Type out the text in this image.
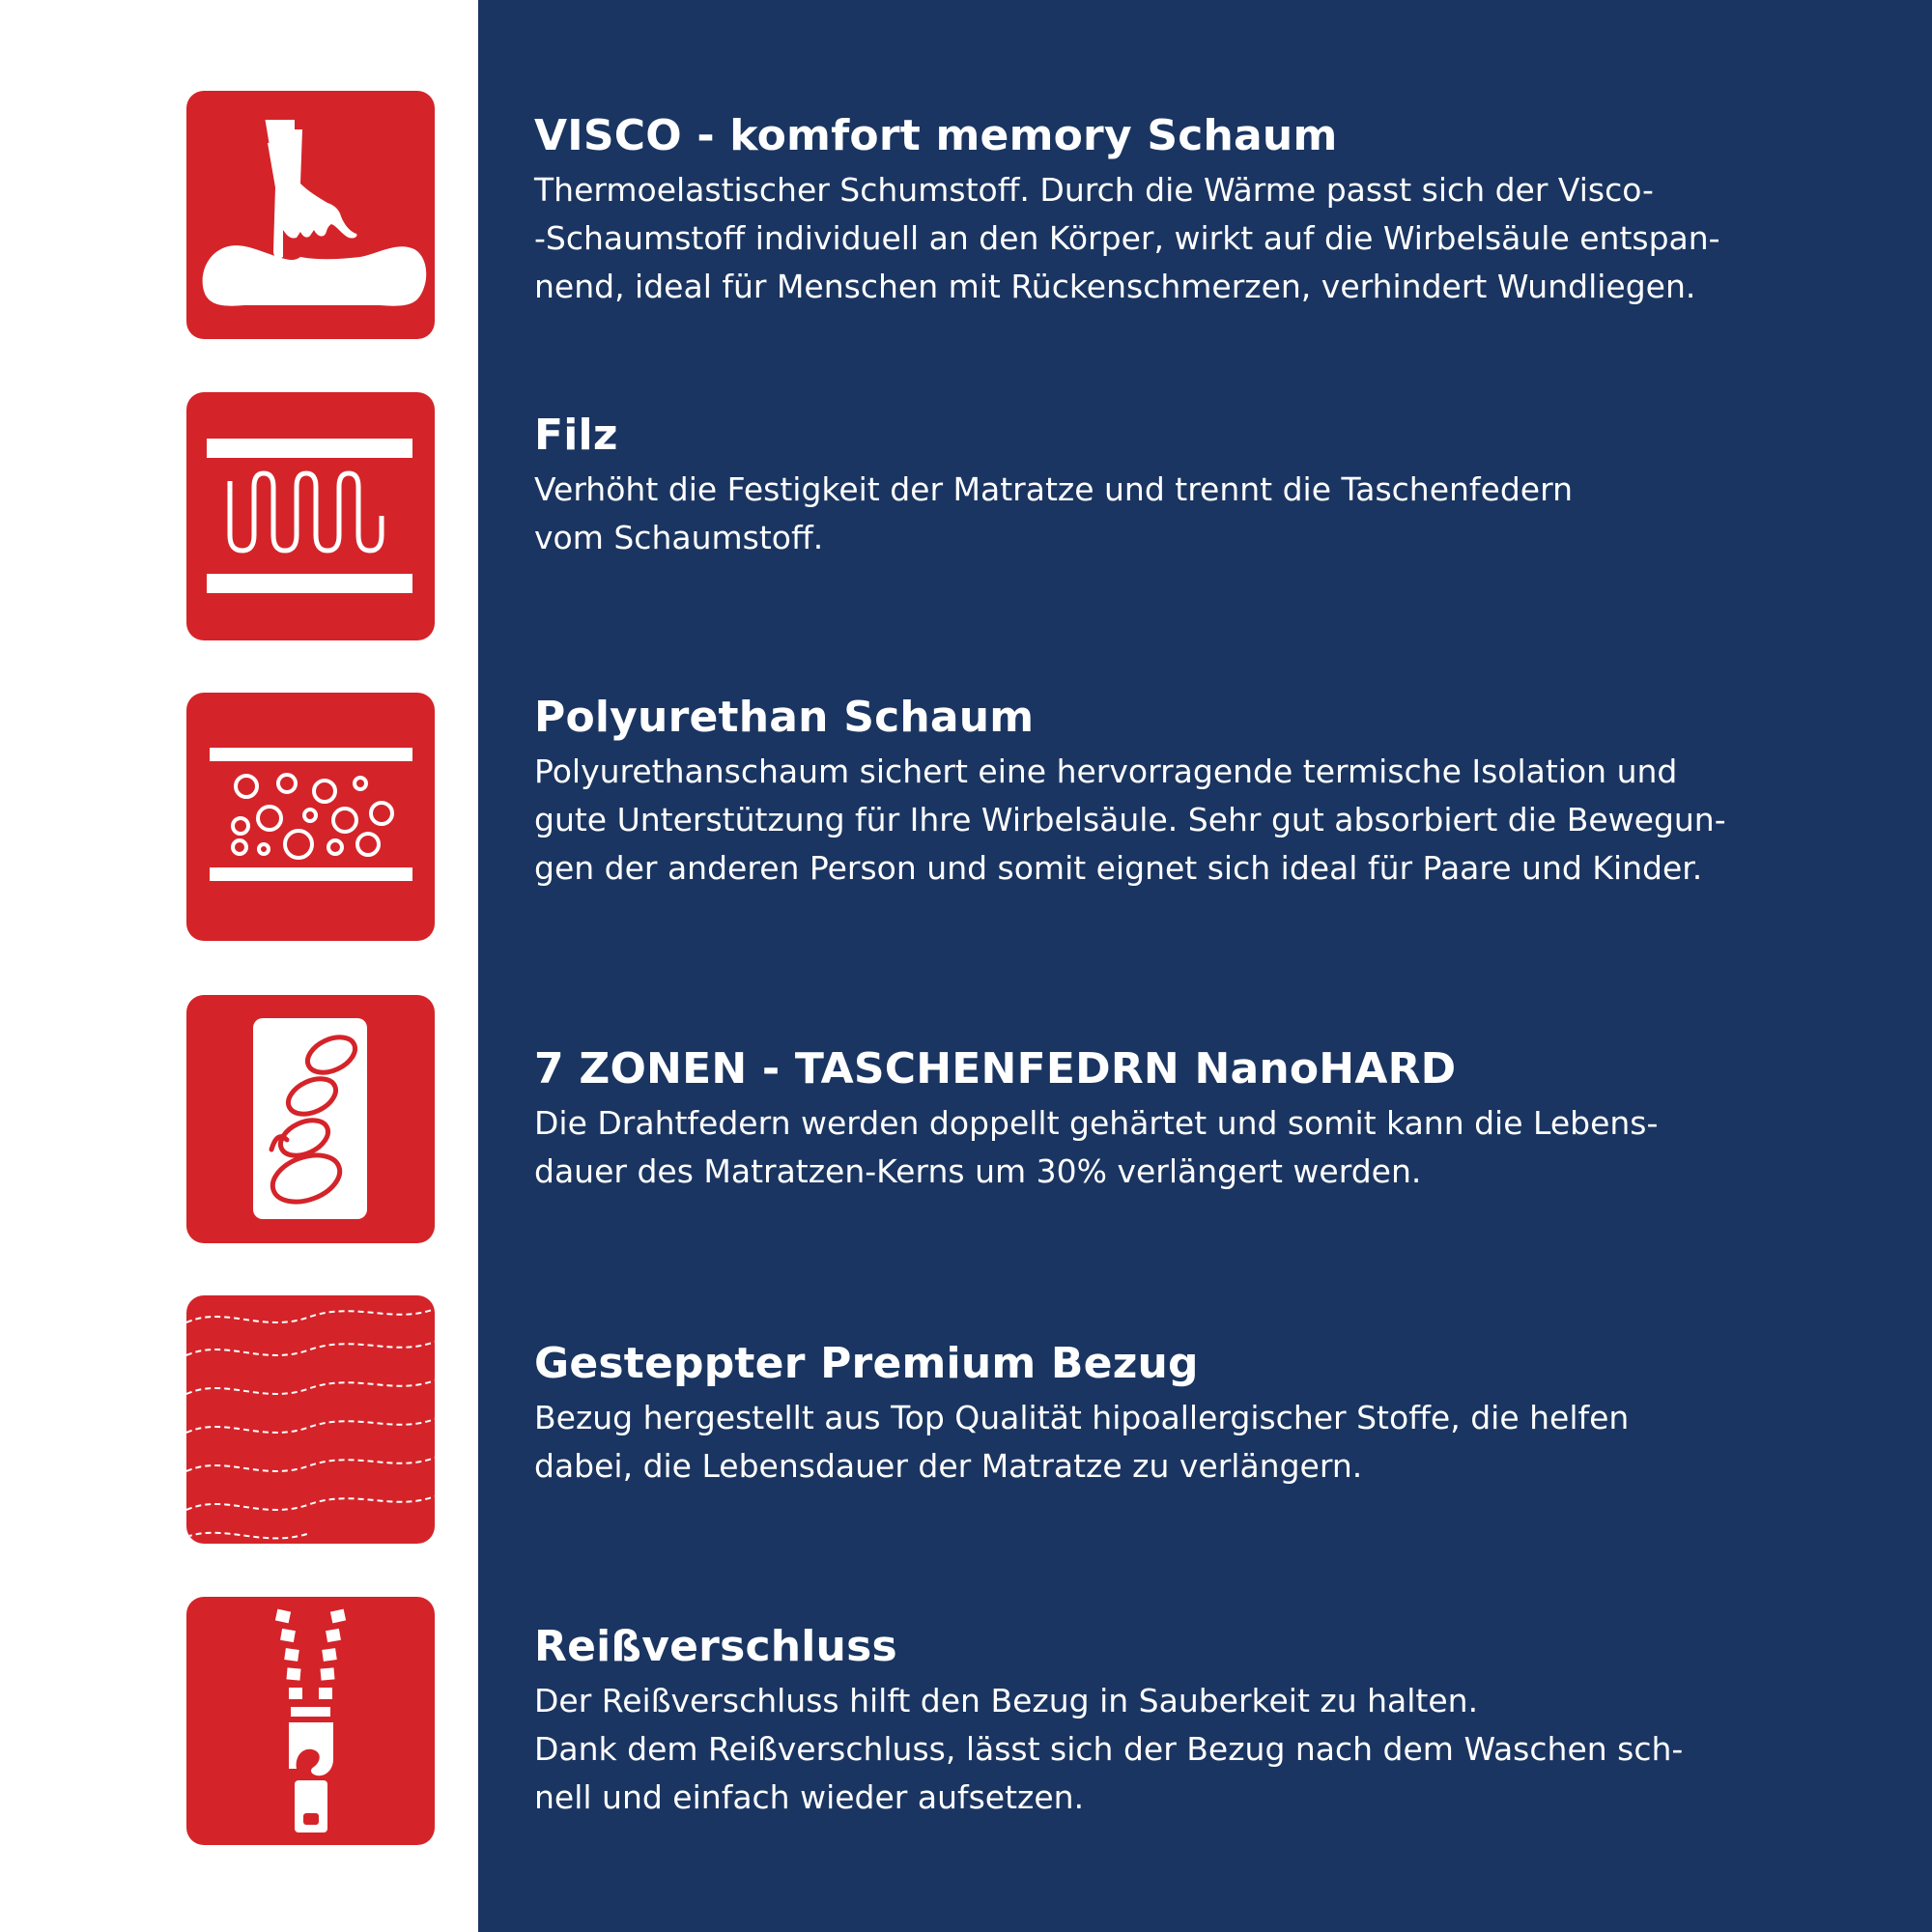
VISCO - komfort memory Schaum

Thermoelastischer Schumstoff. Durch die Wärme passt sich der Visco-
-Schaumstoff individuell an den Körper, wirkt auf die Wirbelsäule entspan-
nend, ideal für Menschen mit Rückenschmerzen, verhindert Wundliegen.

Filz

Verhöht die Festigkeit der Matratze und trennt die Taschenfedern
vom Schaumstoff.

Polyurethan Schaum

Polyurethanschaum sichert eine hervorragende termische Isolation und
gute Unterstützung für Ihre Wirbelsäule. Sehr gut absorbiert die Bewegun-
gen der anderen Person und somit eignet sich ideal für Paare und Kinder.

7 ZONEN - TASCHENFEDRN NanoHARD

Die Drahtfedern werden doppellt gehärtet und somit kann die Lebens-
dauer des Matratzen-Kerns um 30% verlängert werden.

Gesteppter Premium Bezug

Bezug hergestellt aus Top Qualität hipoallergischer Stoffe, die helfen
dabei, die Lebensdauer der Matratze zu verlängern.

Reißverschluss

Der Reißverschluss hilft den Bezug in Sauberkeit zu halten.
Dank dem Reißverschluss, lässt sich der Bezug nach dem Waschen sch-
nell und einfach wieder aufsetzen.
